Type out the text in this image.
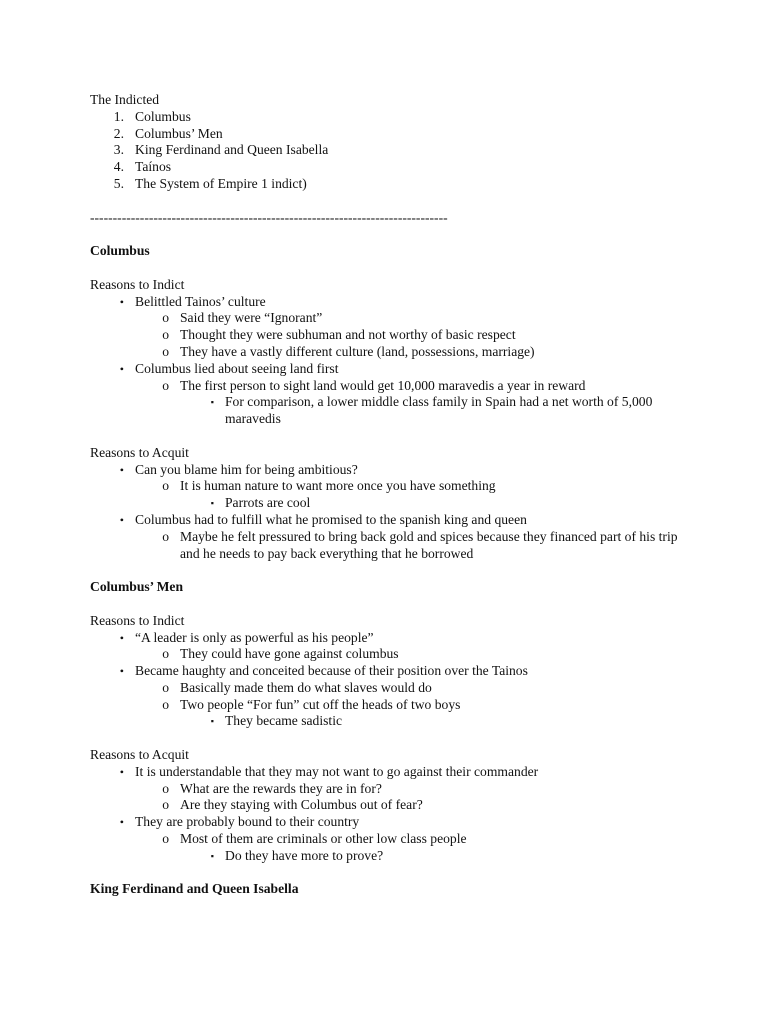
The Indicted
1. Columbus
2. Columbus’ Men
3. King Ferdinand and Queen Isabella
4. Taínos
5. The System of Empire 1 indict)
-------------------------------------------------------------------------------
Columbus
Reasons to Indict
• Belittled Tainos’ culture
o Said they were “Ignorant”
o Thought they were subhuman and not worthy of basic respect
o They have a vastly different culture (land, possessions, marriage)
• Columbus lied about seeing land first
o The first person to sight land would get 10,000 maravedis a year in reward
▪ For comparison, a lower middle class family in Spain had a net worth of 5,000 maravedis
Reasons to Acquit
• Can you blame him for being ambitious?
o It is human nature to want more once you have something
▪ Parrots are cool
• Columbus had to fulfill what he promised to the spanish king and queen
o Maybe he felt pressured to bring back gold and spices because they financed part of his trip and he needs to pay back everything that he borrowed
Columbus’ Men
Reasons to Indict
• “A leader is only as powerful as his people”
o They could have gone against columbus
• Became haughty and conceited because of their position over the Tainos
o Basically made them do what slaves would do
o Two people “For fun” cut off the heads of two boys
▪ They became sadistic
Reasons to Acquit
• It is understandable that they may not want to go against their commander
o What are the rewards they are in for?
o Are they staying with Columbus out of fear?
• They are probably bound to their country
o Most of them are criminals or other low class people
▪ Do they have more to prove?
King Ferdinand and Queen Isabella
